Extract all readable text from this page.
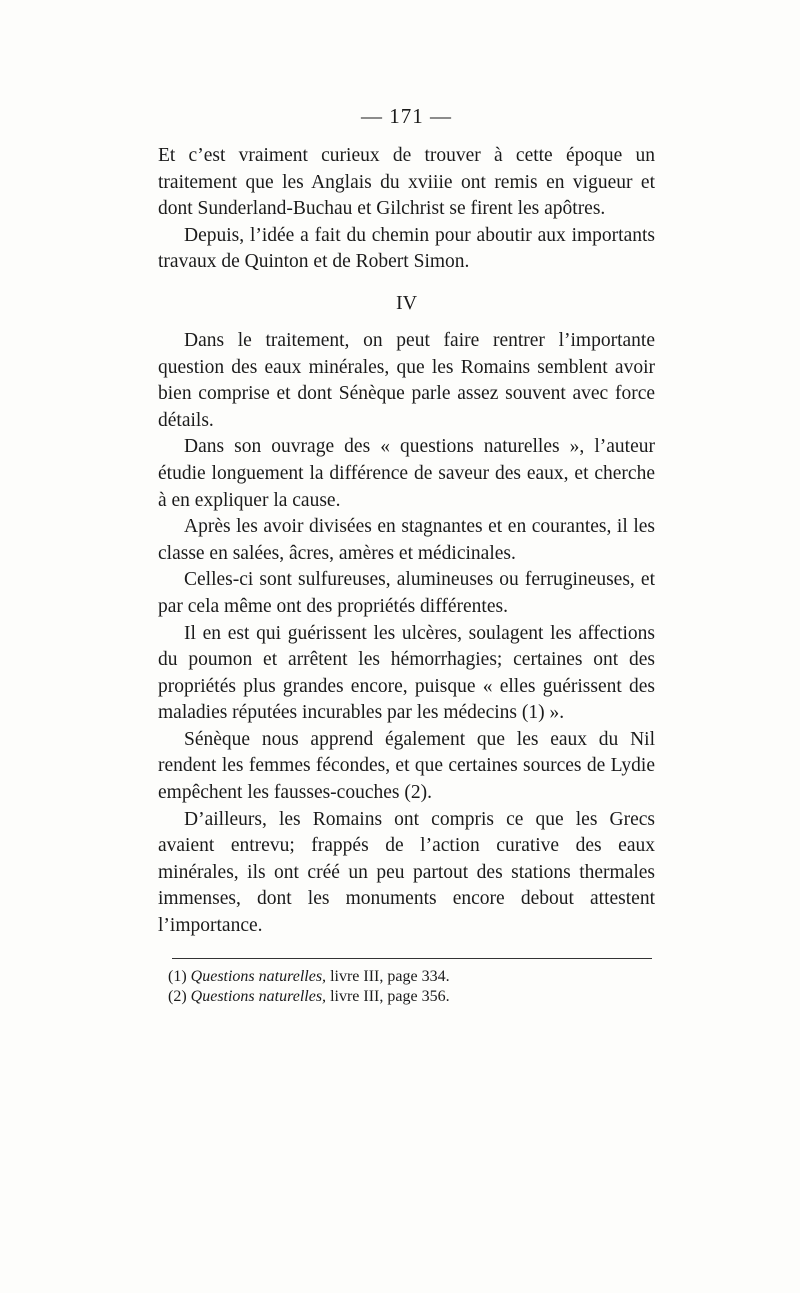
— 171 —

Et c’est vraiment curieux de trouver à cette époque un traitement que les Anglais du xviiie ont remis en vigueur et dont Sunderland-Buchau et Gilchrist se firent les apôtres.

Depuis, l’idée a fait du chemin pour aboutir aux importants travaux de Quinton et de Robert Simon.

IV

Dans le traitement, on peut faire rentrer l’importante question des eaux minérales, que les Romains semblent avoir bien comprise et dont Sénèque parle assez souvent avec force détails.

Dans son ouvrage des « questions naturelles », l’auteur étudie longuement la différence de saveur des eaux, et cherche à en expliquer la cause.

Après les avoir divisées en stagnantes et en courantes, il les classe en salées, âcres, amères et médicinales.

Celles-ci sont sulfureuses, alumineuses ou ferrugineuses, et par cela même ont des propriétés différentes.

Il en est qui guérissent les ulcères, soulagent les affections du poumon et arrêtent les hémorrhagies; certaines ont des propriétés plus grandes encore, puisque « elles guérissent des maladies réputées incurables par les médecins (1) ».

Sénèque nous apprend également que les eaux du Nil rendent les femmes fécondes, et que certaines sources de Lydie empêchent les fausses-couches (2).

D’ailleurs, les Romains ont compris ce que les Grecs avaient entrevu; frappés de l’action curative des eaux minérales, ils ont créé un peu partout des stations thermales immenses, dont les monuments encore debout attestent l’importance.

(1) Questions naturelles, livre III, page 334.

(2) Questions naturelles, livre III, page 356.
